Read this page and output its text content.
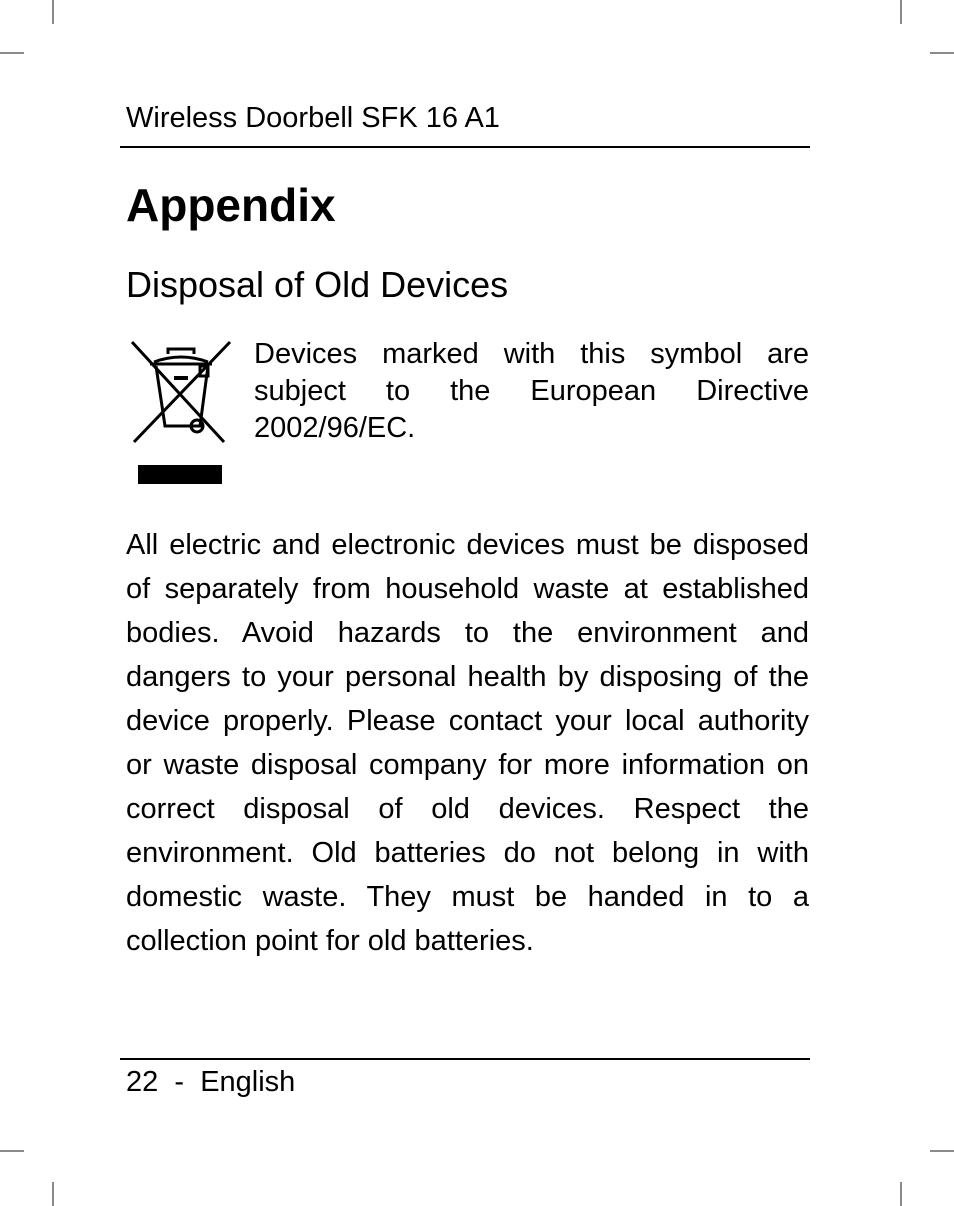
Wireless Doorbell SFK 16 A1
Appendix
Disposal of Old Devices

Devices marked with this symbol are subject to the European Directive 2002/96/EC.

All electric and electronic devices must be disposed of separately from household waste at established bodies. Avoid hazards to the environment and dangers to your personal health by disposing of the device properly. Please contact your local authority or waste disposal company for more information on correct disposal of old devices. Respect the environment. Old batteries do not belong in with domestic waste. They must be handed in to a collection point for old batteries.

22 - English
